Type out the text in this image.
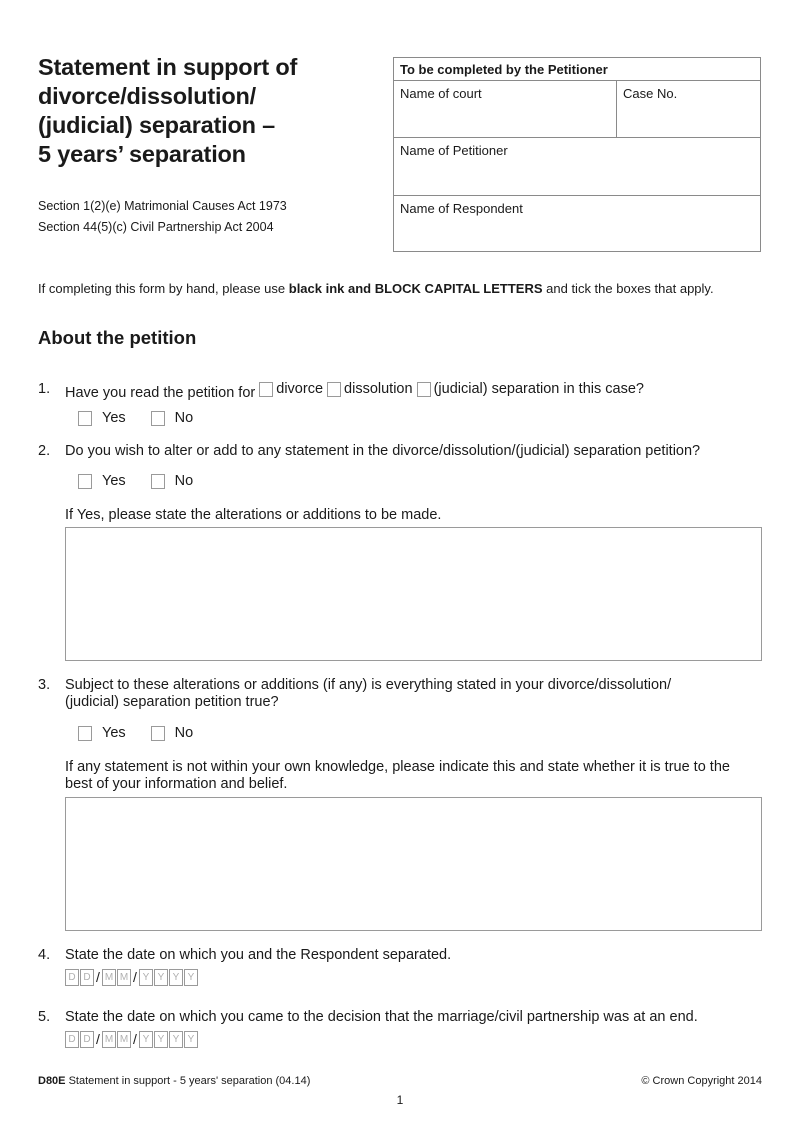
Statement in support of
divorce/dissolution/
(judicial) separation –
5 years’ separation
Section 1(2)(e) Matrimonial Causes Act 1973
Section 44(5)(c) Civil Partnership Act 2004
To be completed by the Petitioner
Name of court	Case No.
Name of Petitioner
Name of Respondent
If completing this form by hand, please use black ink and BLOCK CAPITAL LETTERS and tick the boxes that apply.
About the petition
1. Have you read the petition for divorce
dissolution
(judicial) separation in this case?
Yes	No
2. Do you wish to alter or add to any statement in the divorce/dissolution/(judicial) separation petition?
Yes	No
If Yes, please state the alterations or additions to be made.
3. Subject to these alterations or additions (if any) is everything stated in your divorce/dissolution/
(judicial) separation petition true?
Yes	No
If any statement is not within your own knowledge, please indicate this and state whether it is true to the best of your information and belief.
4. State the date on which you and the Respondent separated.
D D / M M / Y Y Y Y
5. State the date on which you came to the decision that the marriage/civil partnership was at an end.
D D / M M / Y Y Y Y
D80E Statement in support - 5 years' separation (04.14)	© Crown Copyright 2014
1
